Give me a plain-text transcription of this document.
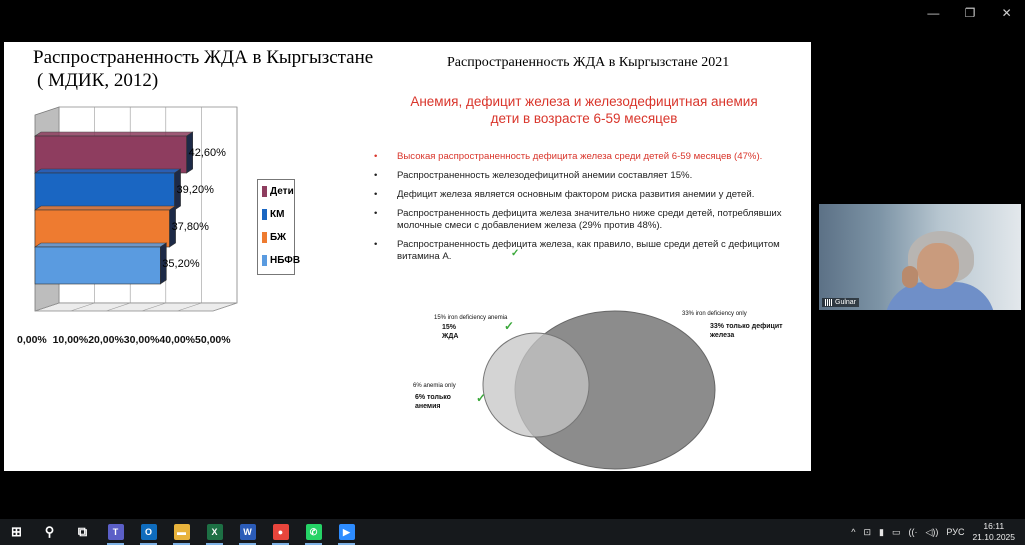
—	❐	✕
Распространенность ЖДА в Кыргызстане
( МДИК, 2012)
Распространенность ЖДА в Кыргызстане 2021
42,60%
39,20%
37,80%
35,20%
0,00% 10,00% 20,00% 30,00% 40,00% 50,00%
Дети
КМ
БЖ
НБФВ
Анемия, дефицит железа и железодефицитная анемия
дети в возрасте 6-59 месяцев
• Высокая распространенность дефицита железа среди детей 6-59 месяцев (47%).
• Распространенность железодефицитной анемии составляет 15%.
• Дефицит железа является основным фактором риска развития анемии у детей.
• Распространенность дефицита железа значительно ниже среди детей, потреблявших молочные смеси с добавлением железа (29% против 48%).
• Распространенность дефицита железа, как правило, выше среди детей с дефицитом витамина А.
15% iron deficiency anemia
15%
ЖДА
✓
33% iron deficiency only
33% только дефицит
железа
6% anemia only
6% только
анемия
✓
✓
Gulnar
⊞ ⚲ ⧉	T	O	▬	X	W	●	✆	▶	^ ⊡ ▮ ▭ ((· ◁)) РУС
16:11
21.10.2025
